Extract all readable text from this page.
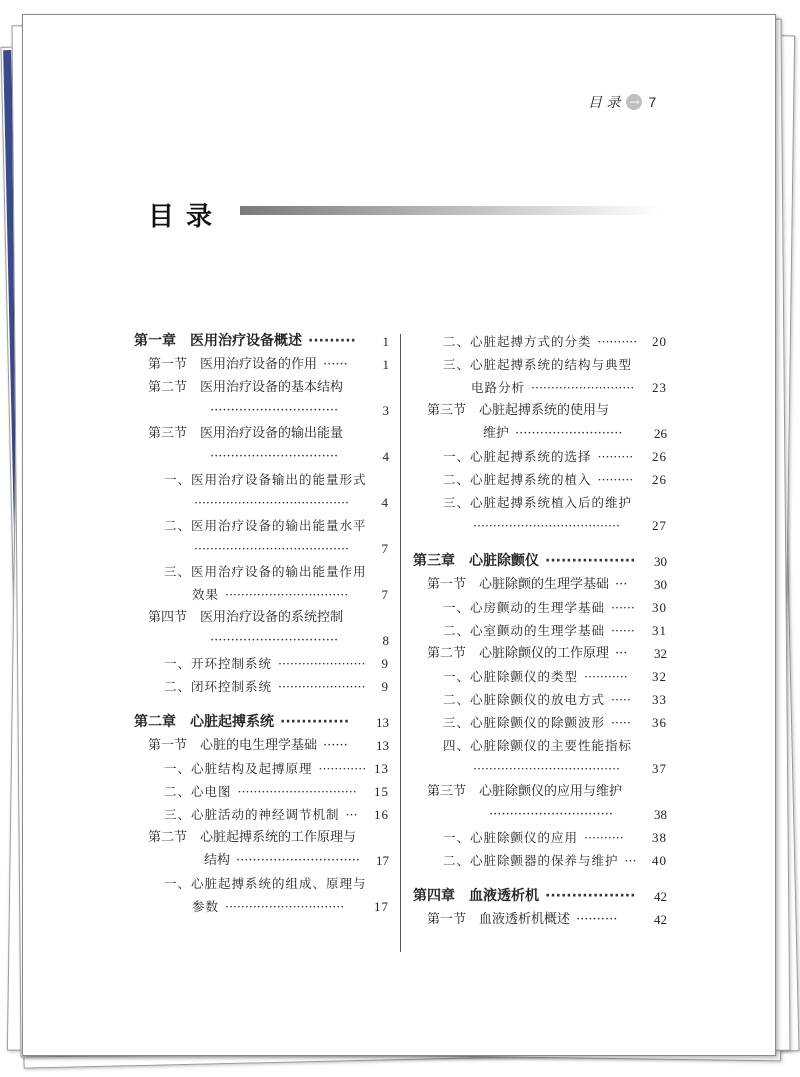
目 录 → 7
目录
第一章　医用治疗设备概述 ········· 1
第一节　医用治疗设备的作用 ······	1
第二节　医用治疗设备的基本结构
·······························	3
第三节　医用治疗设备的输出能量
·······························	4
一、医用治疗设备输出的能量形式
·······································	4
二、医用治疗设备的输出能量水平
·······································	7
三、医用治疗设备的输出能量作用
效果 ·······························	7
第四节　医用治疗设备的系统控制
·······························	8
一、开环控制系统 ······················ 9
二、闭环控制系统 ······················ 9
第二章　心脏起搏系统 ············· 13
第一节　心脏的电生理学基础 ······ 13
一、心脏结构及起搏原理 ············ 13
二、心电图 ······························ 15
三、心脏活动的神经调节机制 ··· 16
第二节　心脏起搏系统的工作原理与
结构 ······························ 17
一、心脏起搏系统的组成、原理与
参数 ······························ 17
二、心脏起搏方式的分类 ·········· 20
三、心脏起搏系统的结构与典型
电路分析 ·························· 23
第三节　心脏起搏系统的使用与
维护 ·························· 26
一、心脏起搏系统的选择 ········· 26
二、心脏起搏系统的植入 ········· 26
三、心脏起搏系统植入后的维护
····································· 27
第三章　心脏除颤仪 ················· 30
第一节　心脏除颤的生理学基础 ··· 30
一、心房颤动的生理学基础 ······ 30
二、心室颤动的生理学基础 ······ 31
第二节　心脏除颤仪的工作原理 ··· 32
一、心脏除颤仪的类型 ··········· 32
二、心脏除颤仪的放电方式 ····· 33
三、心脏除颤仪的除颤波形 ····· 36
四、心脏除颤仪的主要性能指标
····································· 37
第三节　心脏除颤仪的应用与维护
······························	38
一、心脏除颤仪的应用 ·········· 38
二、心脏除颤器的保养与维护 ··· 40
第四章　血液透析机 ················· 42
第一节　血液透析机概述 ··········	42
